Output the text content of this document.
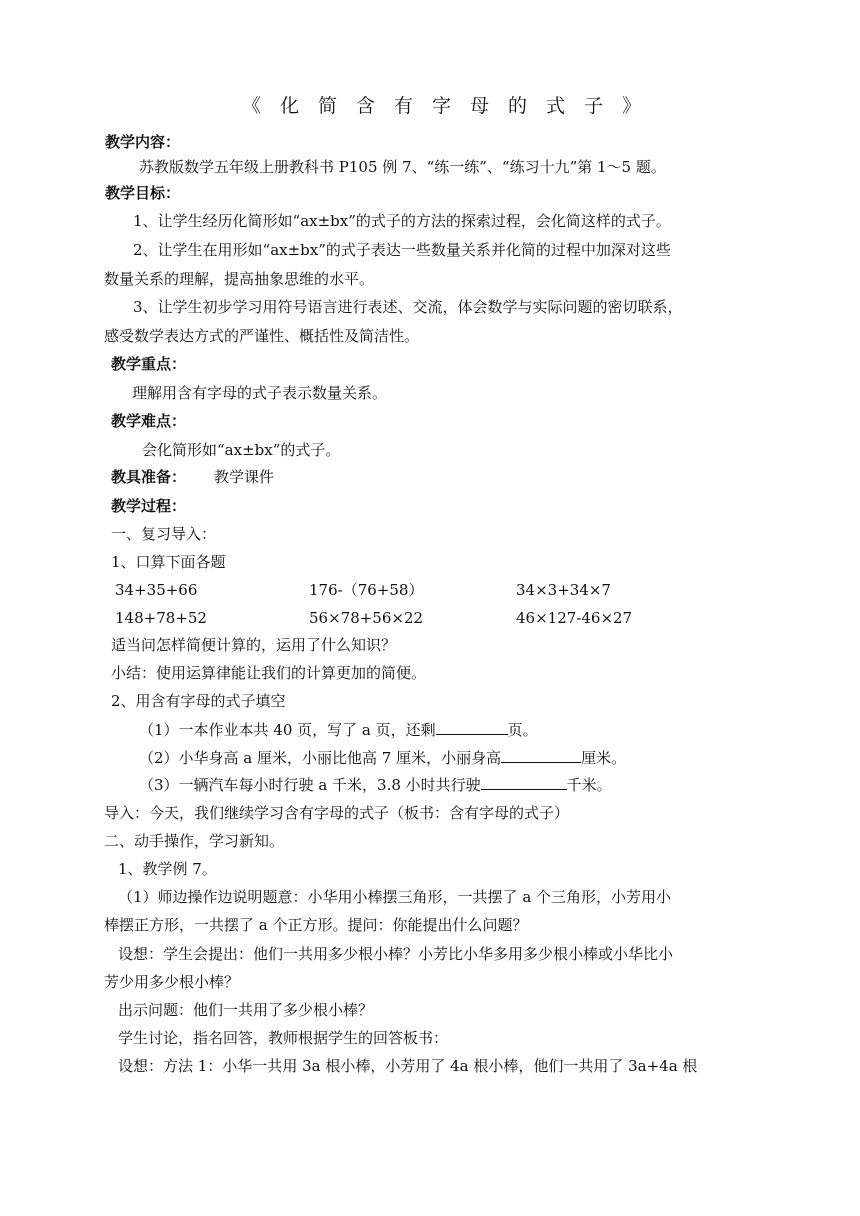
《化简含有字母的式子》
教学内容：
苏教版数学五年级上册教科书 P105 例 7、“练一练”、“练习十九”第 1～5 题。
教学目标：
1、让学生经历化简形如“ax±bx”的式子的方法的探索过程，会化简这样的式子。
2、让学生在用形如“ax±bx”的式子表达一些数量关系并化简的过程中加深对这些
数量关系的理解，提高抽象思维的水平。
3、让学生初步学习用符号语言进行表述、交流，体会数学与实际问题的密切联系，
感受数学表达方式的严谨性、概括性及简洁性。
教学重点：
理解用含有字母的式子表示数量关系。
教学难点：
会化简形如“ax±bx”的式子。
教具准备： 教学课件
教学过程：
一、复习导入：
1、口算下面各题
34+35+66	176-（76+58）	34×3+34×7
148+78+52	56×78+56×22	46×127-46×27
适当问怎样简便计算的，运用了什么知识？
小结：使用运算律能让我们的计算更加的简便。
2、用含有字母的式子填空
（1）一本作业本共 40 页，写了 a 页，还剩	页。
（2）小华身高 a 厘米，小丽比他高 7 厘米，小丽身高	厘米。
（3）一辆汽车每小时行驶 a 千米，3.8 小时共行驶	千米。
导入：今天，我们继续学习含有字母的式子（板书：含有字母的式子）
二、动手操作，学习新知。
1、教学例 7。
（1）师边操作边说明题意：小华用小棒摆三角形，一共摆了 a 个三角形，小芳用小
棒摆正方形，一共摆了 a 个正方形。提问：你能提出什么问题？
设想：学生会提出：他们一共用多少根小棒？小芳比小华多用多少根小棒或小华比小
芳少用多少根小棒？
出示问题：他们一共用了多少根小棒？
学生讨论，指名回答，教师根据学生的回答板书：
设想：方法 1：小华一共用 3a 根小棒，小芳用了 4a 根小棒，他们一共用了 3a+4a 根
